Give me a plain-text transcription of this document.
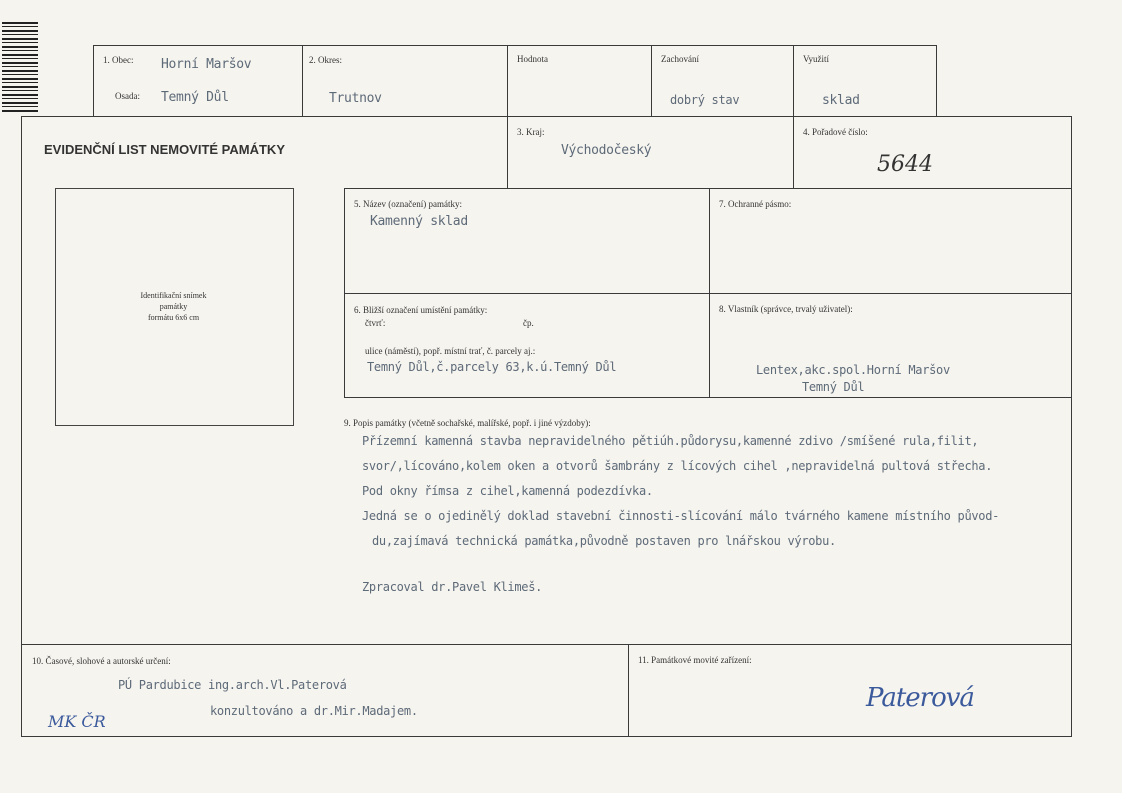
1. Obec: Horní Maršov
Osada: Temný Důl
2. Okres:
Trutnov
Hodnota	Zachování
dobrý stav
Využití
sklad
EVIDENČNÍ LIST NEMOVITÉ PAMÁTKY
3. Kraj:
Východočeský
4. Pořadové číslo:
5644
Identifikační snímek
památky
formátu 6x6 cm
5. Název (označení) památky:
Kamenný sklad
7. Ochranné pásmo:
6. Bližší označení umístění památky:
čtvrť:	čp.
ulice (náměstí), popř. místní trať, č. parcely aj.:
Temný Důl,č.parcely 63,k.ú.Temný Důl
8. Vlastník (správce, trvalý uživatel):
Lentex,akc.spol.Horní Maršov
Temný Důl
9. Popis památky (včetně sochařské, malířské, popř. i jiné výzdoby):
Přízemní kamenná stavba nepravidelného pětiúh.půdorysu,kamenné zdivo /smíšené rula,filit,
svor/,lícováno,kolem oken a otvorů šambrány z lícových cihel ,nepravidelná pultová střecha.
Pod okny římsa z cihel,kamenná podezdívka.
Jedná se o ojedinělý doklad stavební činnosti-slícování málo tvárného kamene místního původ-
du,zajímavá technická památka,původně postaven pro lnářskou výrobu.
Zpracoval dr.Pavel Klimeš.
10. Časové, slohové a autorské určení:
PÚ Pardubice ing.arch.Vl.Paterová
konzultováno a dr.Mir.Madajem.
MK ČR
11. Památkové movité zařízení:
Paterová
